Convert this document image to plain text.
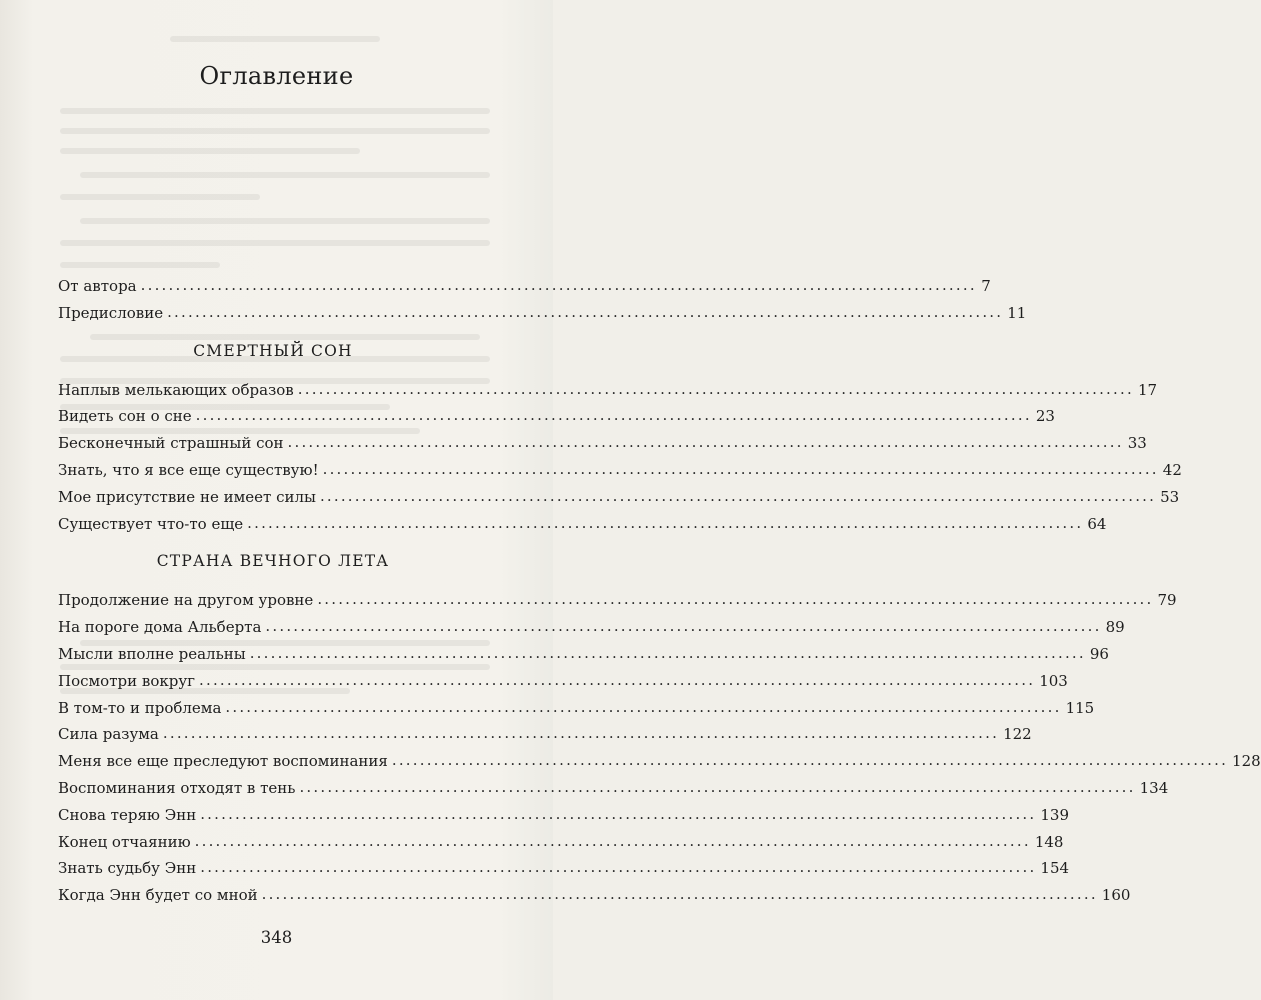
Оглавление
От автора ........................................................................................................................ 7
Предисловие ........................................................................................................................ 11
СМЕРТНЫЙ СОН
Наплыв мелькающих образов ........................................................................................................................ 17
Видеть сон о сне ........................................................................................................................ 23
Бесконечный страшный сон ........................................................................................................................ 33
Знать, что я все еще существую! ........................................................................................................................ 42
Мое присутствие не имеет силы ........................................................................................................................ 53
Существует что-то еще ........................................................................................................................ 64
СТРАНА ВЕЧНОГО ЛЕТА
Продолжение на другом уровне ........................................................................................................................ 79
На пороге дома Альберта ........................................................................................................................ 89
Мысли вполне реальны ........................................................................................................................ 96
Посмотри вокруг ........................................................................................................................ 103
В том-то и проблема ........................................................................................................................ 115
Сила разума ........................................................................................................................ 122
Меня все еще преследуют воспоминания ........................................................................................................................ 128
Воспоминания отходят в тень ........................................................................................................................ 134
Снова теряю Энн ........................................................................................................................ 139
Конец отчаянию ........................................................................................................................ 148
Знать судьбу Энн ........................................................................................................................ 154
Когда Энн будет со мной ........................................................................................................................ 160
348
